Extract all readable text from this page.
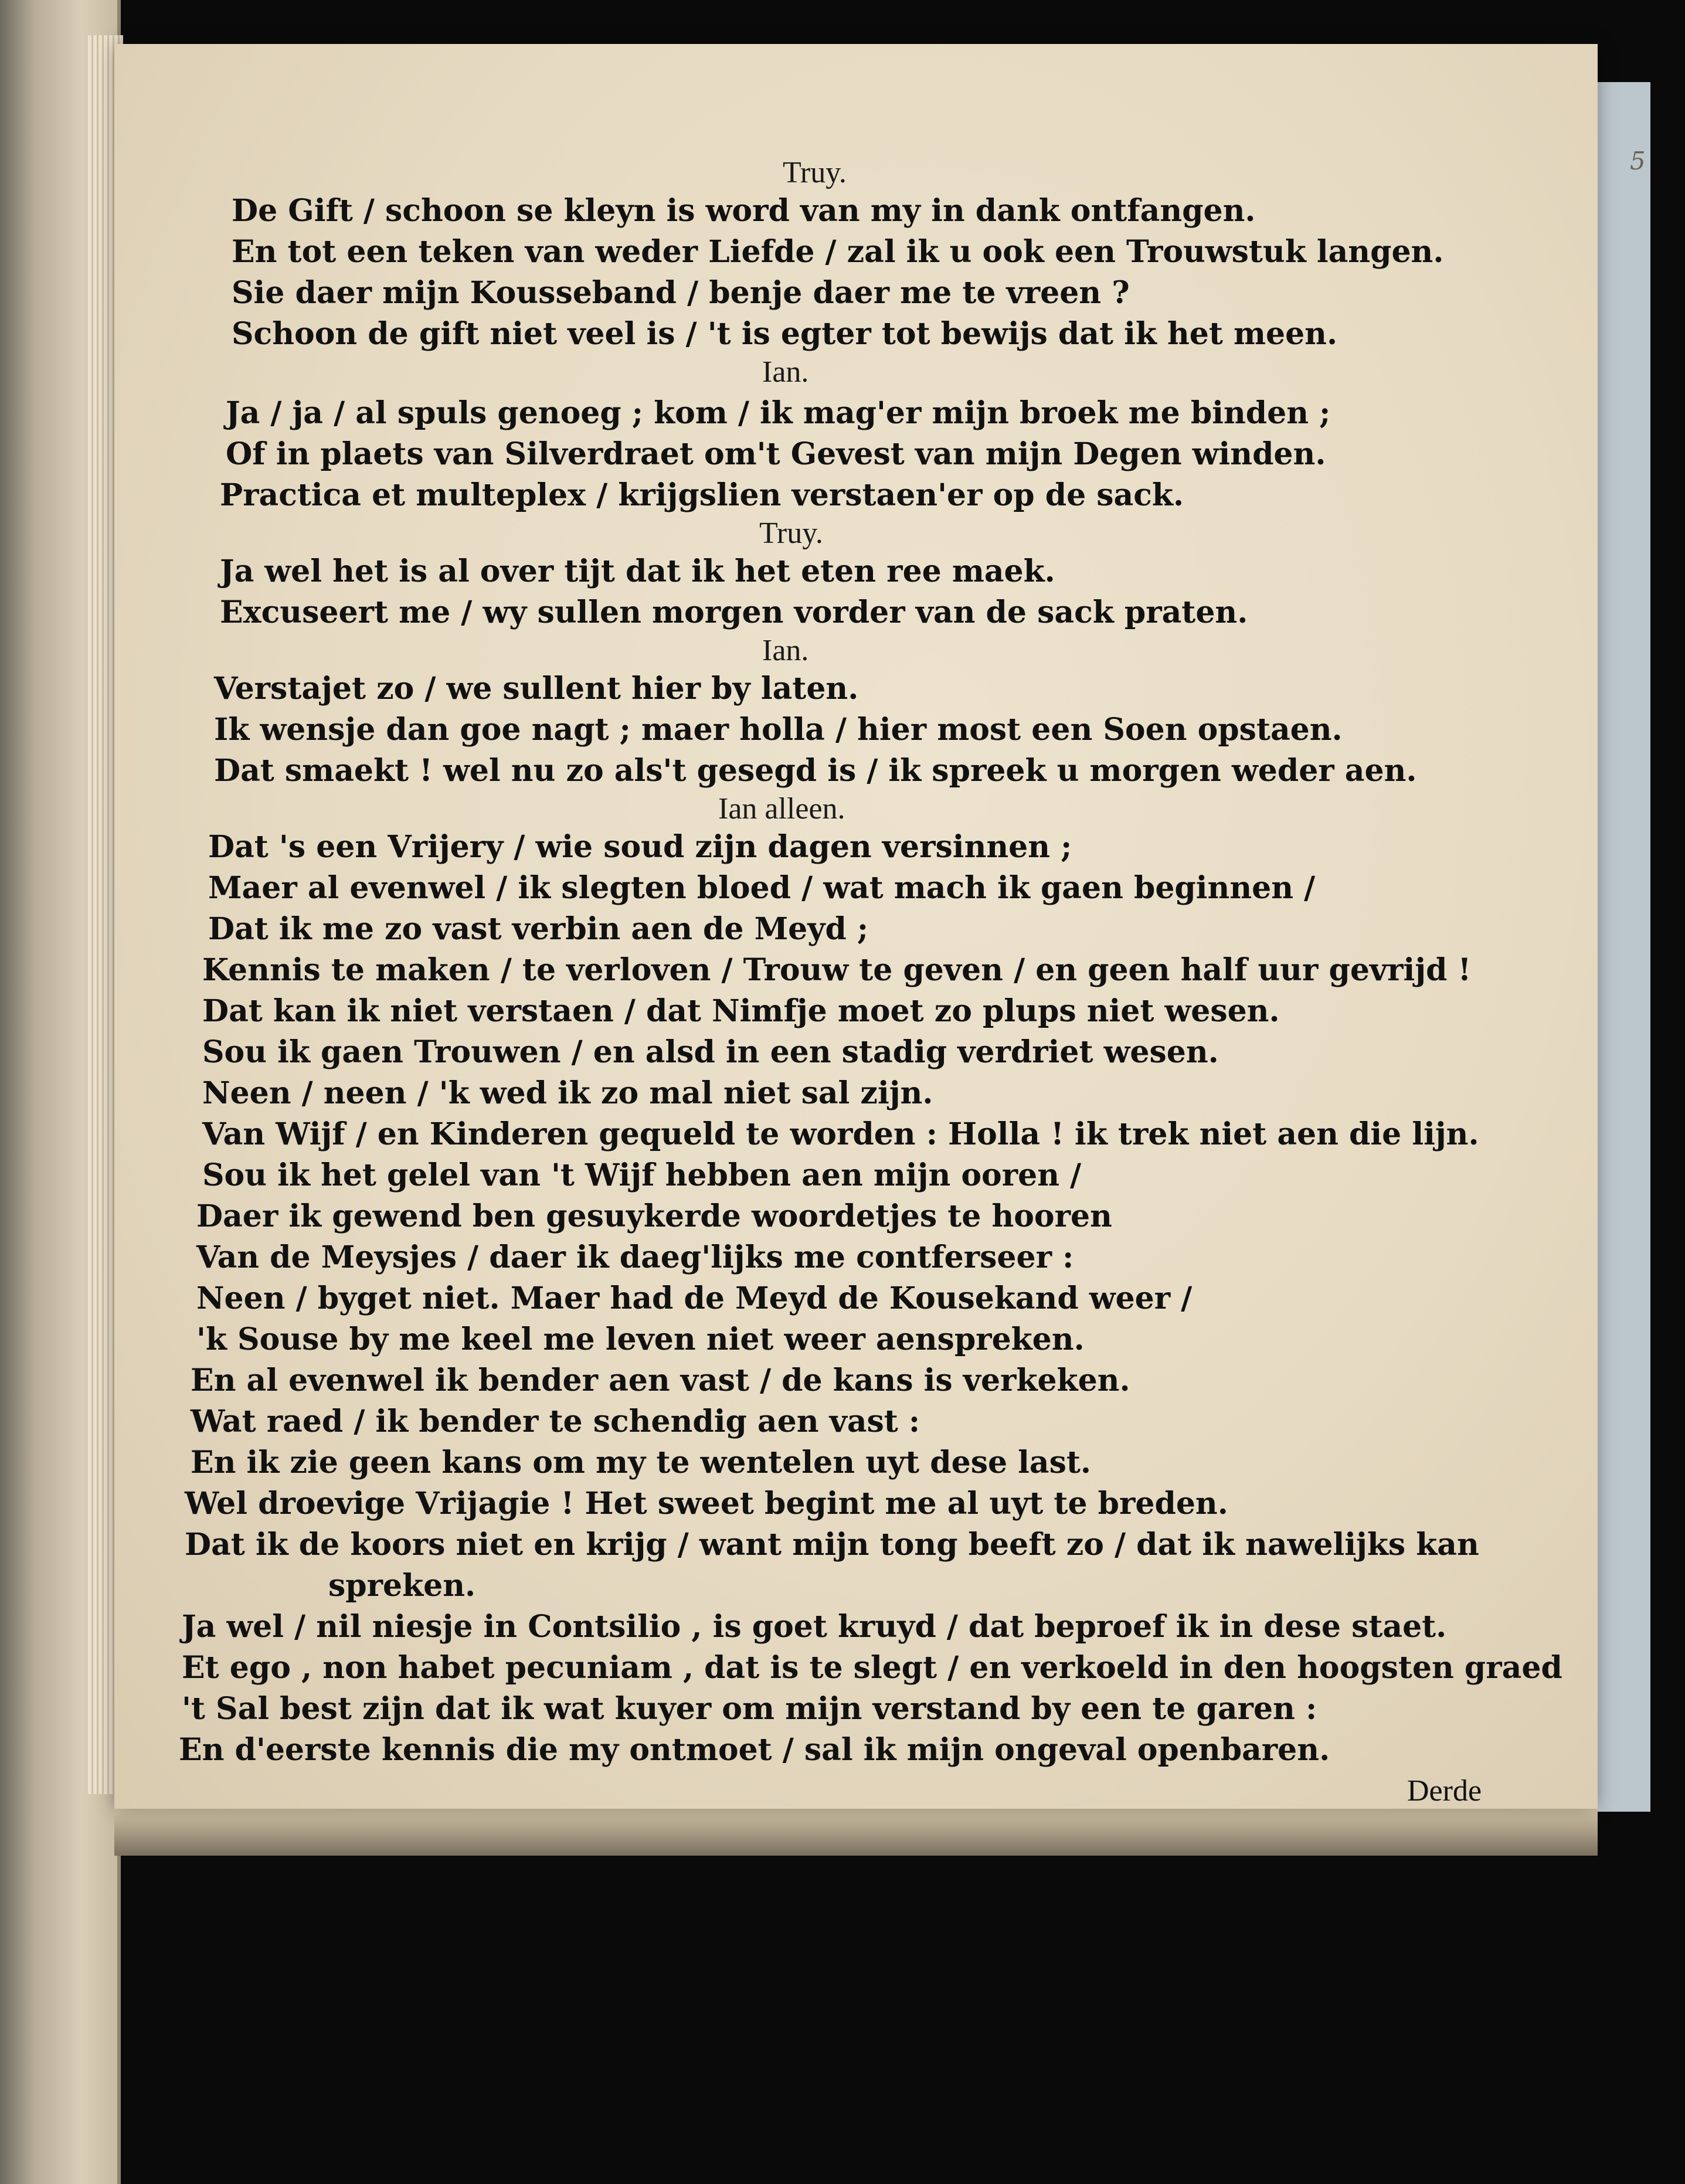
5
Truy.
De Gift / schoon se kleyn is word van my in dank ontfangen.
En tot een teken van weder Liefde / zal ik u ook een Trouwstuk langen.
Sie daer mijn Kousseband / benje daer me te vreen ?
Schoon de gift niet veel is / 't is egter tot bewijs dat ik het meen.
Ian.
Ja / ja / al spuls genoeg ; kom / ik mag'er mijn broek me binden ;
Of in plaets van Silverdraet om't Gevest van mijn Degen winden.
Practica et multeplex / krijgslien verstaen'er op de sack.
Truy.
Ja wel het is al over tijt dat ik het eten ree maek.
Excuseert me / wy sullen morgen vorder van de sack praten.
Ian.
Verstajet zo / we sullent hier by laten.
Ik wensje dan goe nagt ; maer holla / hier most een Soen opstaen.
Dat smaekt ! wel nu zo als't gesegd is / ik spreek u morgen weder aen.
Ian alleen.
Dat 's een Vrijery / wie soud zijn dagen versinnen ;
Maer al evenwel / ik slegten bloed / wat mach ik gaen beginnen /
Dat ik me zo vast verbin aen de Meyd ;
Kennis te maken / te verloven / Trouw te geven / en geen half uur gevrijd !
Dat kan ik niet verstaen / dat Nimfje moet zo plups niet wesen.
Sou ik gaen Trouwen / en alsd in een stadig verdriet wesen.
Neen / neen / 'k wed ik zo mal niet sal zijn.
Van Wijf / en Kinderen gequeld te worden : Holla ! ik trek niet aen die lijn.
Sou ik het gelel van 't Wijf hebben aen mijn ooren /
Daer ik gewend ben gesuykerde woordetjes te hooren
Van de Meysjes / daer ik daeg'lijks me contferseer :
Neen / byget niet. Maer had de Meyd de Kousekand weer /
'k Souse by me keel me leven niet weer aenspreken.
En al evenwel ik bender aen vast / de kans is verkeken.
Wat raed / ik bender te schendig aen vast :
En ik zie geen kans om my te wentelen uyt dese last.
Wel droevige Vrijagie ! Het sweet begint me al uyt te breden.
Dat ik de koors niet en krijg / want mijn tong beeft zo / dat ik nawelijks kan
spreken.
Ja wel / nil niesje in Contsilio , is goet kruyd / dat beproef ik in dese staet.
Et ego , non habet pecuniam , dat is te slegt / en verkoeld in den hoogsten graed
't Sal best zijn dat ik wat kuyer om mijn verstand by een te garen :
En d'eerste kennis die my ontmoet / sal ik mijn ongeval openbaren.
Derde
